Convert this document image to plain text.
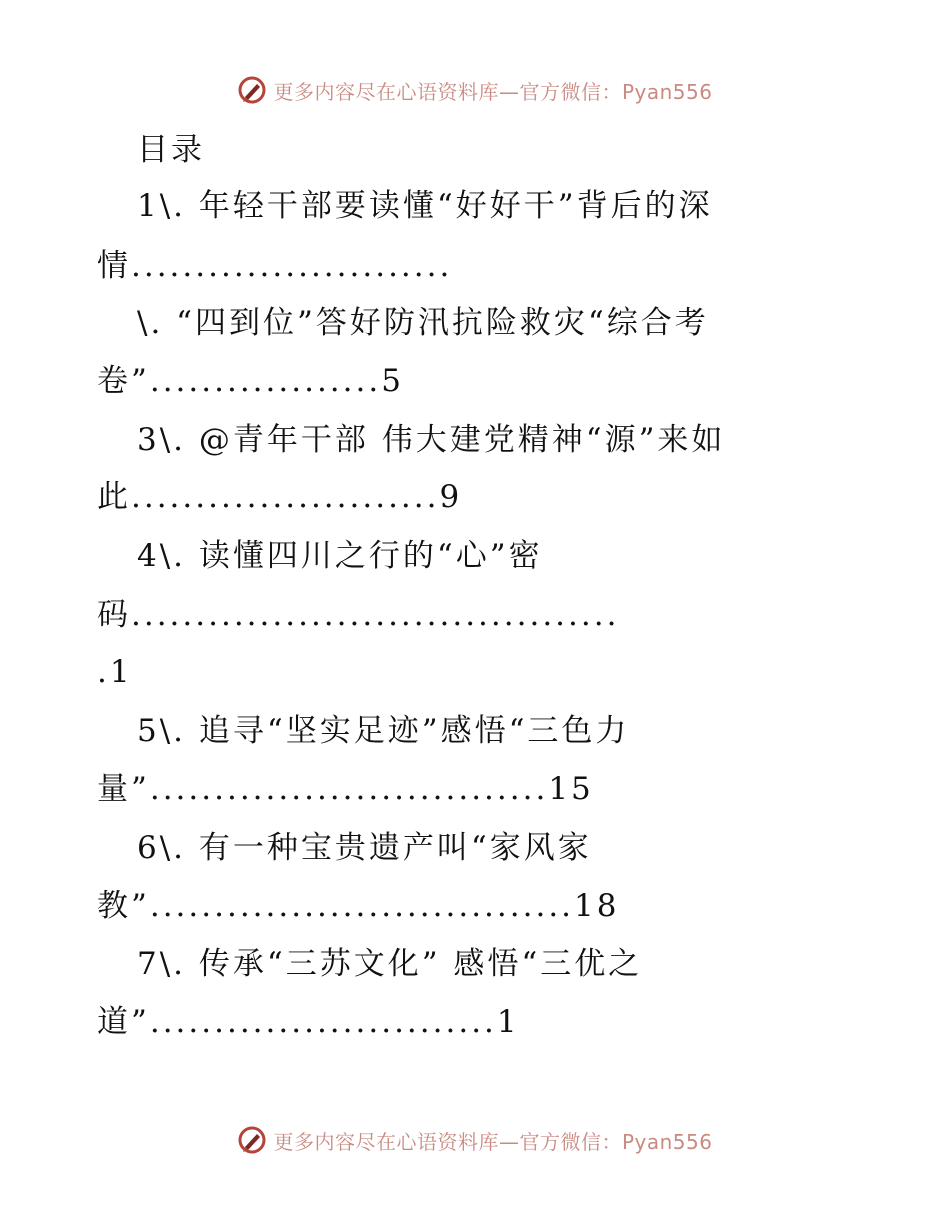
更多内容尽在心语资料库—官方微信：Pyan556
目录
1\. 年轻干部要读懂“好好干”背后的深
情.........................
\. “四到位”答好防汛抗险救灾“综合考
卷”..................5
3\. @青年干部 伟大建党精神“源”来如
此........................9
4\. 读懂四川之行的“心”密
码......................................
.1
5\. 追寻“坚实足迹”感悟“三色力
量”...............................15
6\. 有一种宝贵遗产叫“家风家
教”.................................18
7\. 传承“三苏文化” 感悟“三优之
道”...........................1
更多内容尽在心语资料库—官方微信：Pyan556
